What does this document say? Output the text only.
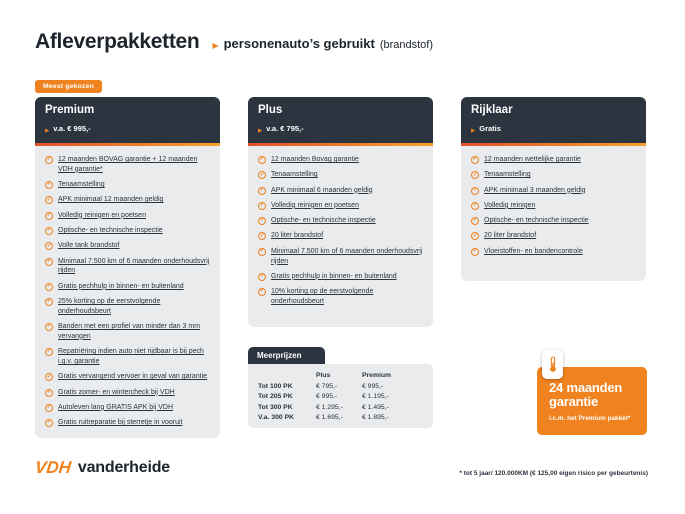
Afleverpakketten ▶ personenauto’s gebruikt (brandstof)
Meest gekozen
Premium
▶
v.a. € 995,-
✓
12 maanden BOVAG garantie + 12 maanden VDH garantie*
✓
Tenaamstelling
✓
APK minimaal 12 maanden geldig
✓
Volledig reinigen en poetsen
✓
Optische- en technische inspectie
✓
Volle tank brandstof
✓
Minimaal 7.500 km of 6 maanden onderhoudsvrij rijden
✓
Gratis pechhulp in binnen- en buitenland
✓
25% korting op de eerstvolgende onderhoudsbeurt
✓
Banden met een profiel van minder dan 3 mm vervangen
✓
Repatriëring indien auto niet rijdbaar is bij pech i.g.v. garantie
✓
Gratis vervangend vervoer in geval van garantie
✓
Gratis zomer- en wintercheck bij VDH
✓
Autoleven lang GRATIS APK bij VDH
✓
Gratis ruitreparatie bij sterretje in vooruit
Plus
▶
v.a. € 795,-
✓
12 maanden Bovag garantie
✓
Tenaamstelling
✓
APK minimaal 6 maanden geldig
✓
Volledig reinigen en poetsen
✓
Optische- en technische inspectie
✓
20 liter brandstof
✓
Minimaal 7.500 km of 6 maanden onderhoudsvrij rijden
✓
Gratis pechhulp in binnen- en buitenland
✓
10% korting op de eerstvolgende onderhoudsbeurt
Rijklaar
▶
Gratis
✓
12 maanden wettelijke garantie
✓
Tenaamstelling
✓
APK minimaal 3 maanden geldig
✓
Volledig reinigen
✓
Optische- en technische inspectie
✓
20 liter brandstof
✓
Vloeistoffen- en bandencontrole
Meerprijzen
Plus	Premium
Tot 100 PK	€ 795,-	€ 995,-
Tot 205 PK	€ 995,-	€ 1.195,-
Tot 300 PK	€ 1.295,-	€ 1.495,-
V.a. 300 PK	€ 1.695,-	€ 1.895,-
24 maanden
garantie
i.c.m. het Premium pakket*
VDH vanderheide	* tot 5 jaar/ 120.000KM (€ 125,00 eigen risico per gebeurtenis)
